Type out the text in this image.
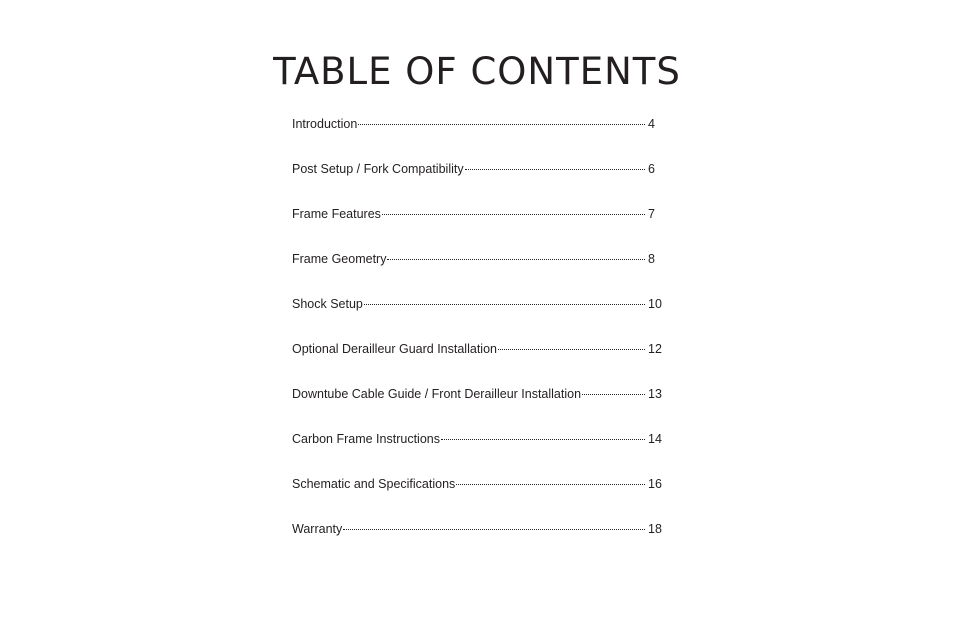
TABLE OF CONTENTS
Introduction	4
Post Setup / Fork Compatibility	6
Frame Features	7
Frame Geometry	8
Shock Setup	10
Optional Derailleur Guard Installation	12
Downtube Cable Guide / Front Derailleur Installation	13
Carbon Frame Instructions	14
Schematic and Specifications	16
Warranty	18
